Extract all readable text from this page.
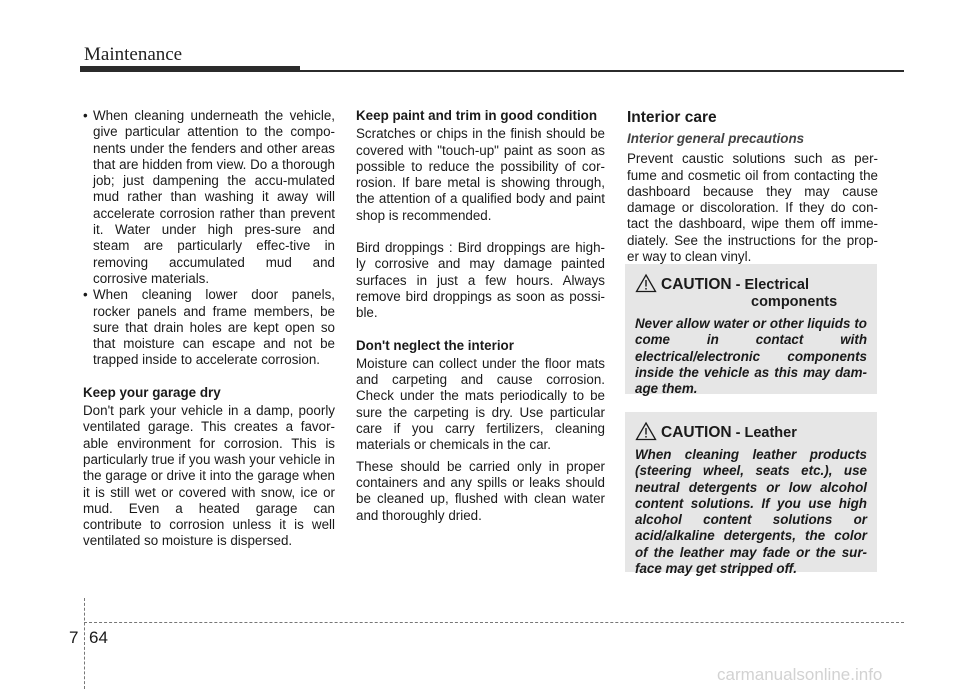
Maintenance

• When cleaning underneath the vehicle, give particular attention to the compo-nents under the fenders and other areas that are hidden from view. Do a thorough job; just dampening the accu-mulated mud rather than washing it away will accelerate corrosion rather than prevent it. Water under high pres-sure and steam are particularly effec-tive in removing accumulated mud and corrosive materials.

• When cleaning lower door panels, rocker panels and frame members, be sure that drain holes are kept open so that moisture can escape and not be trapped inside to accelerate corrosion.

Keep your garage dry

Don't park your vehicle in a damp, poorly ventilated garage. This creates a favor-able environment for corrosion. This is particularly true if you wash your vehicle in the garage or drive it into the garage when it is still wet or covered with snow, ice or mud. Even a heated garage can contribute to corrosion unless it is well ventilated so moisture is dispersed.

Keep paint and trim in good condition

Scratches or chips in the finish should be covered with "touch-up" paint as soon as possible to reduce the possibility of cor-rosion. If bare metal is showing through, the attention of a qualified body and paint shop is recommended.

Bird droppings : Bird droppings are high-ly corrosive and may damage painted surfaces in just a few hours. Always remove bird droppings as soon as possi-ble.

Don't neglect the interior

Moisture can collect under the floor mats and carpeting and cause corrosion. Check under the mats periodically to be sure the carpeting is dry. Use particular care if you carry fertilizers, cleaning materials or chemicals in the car.

These should be carried only in proper containers and any spills or leaks should be cleaned up, flushed with clean water and thoroughly dried.

Interior care

Interior general precautions

Prevent caustic solutions such as per-fume and cosmetic oil from contacting the dashboard because they may cause damage or discoloration. If they do con-tact the dashboard, wipe them off imme-diately. See the instructions for the prop-er way to clean vinyl.

CAUTION - Electrical
components

Never allow water or other liquids to come in contact with electrical/electronic components inside the vehicle as this may dam-age them.

CAUTION - Leather

When cleaning leather products (steering wheel, seats etc.), use neutral detergents or low alcohol content solutions. If you use high alcohol content solutions or acid/alkaline detergents, the color of the leather may fade or the sur-face may get stripped off.

7 64
carmanualsonline.info
